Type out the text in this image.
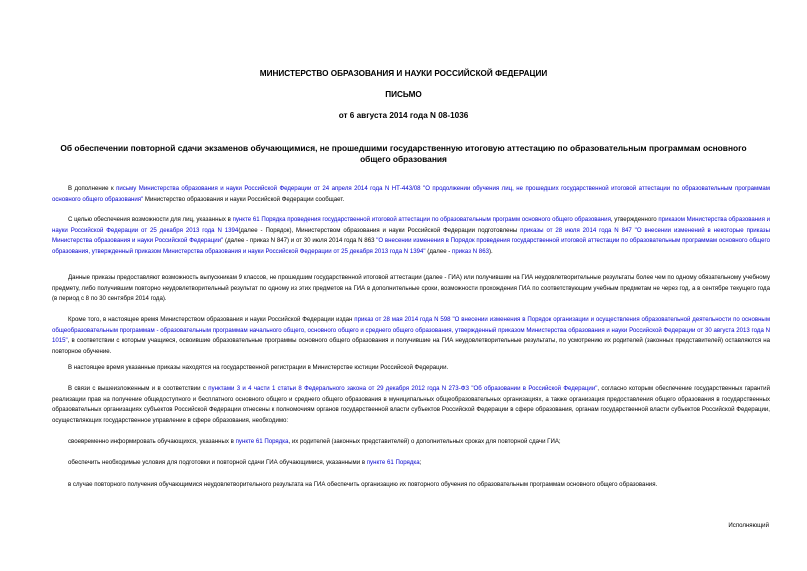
МИНИСТЕРСТВО ОБРАЗОВАНИЯ И НАУКИ РОССИЙСКОЙ ФЕДЕРАЦИИ
ПИСЬМО
от 6 августа 2014 года N 08-1036
Об обеспечении повторной сдачи экзаменов обучающимися, не прошедшими государственную итоговую аттестацию по образовательным программам основного общего образования
В дополнение к письму Министерства образования и науки Российской Федерации от 24 апреля 2014 года N НТ-443/08 "О продолжении обучения лиц, не прошедших государственной итоговой аттестации по образовательным программам основного общего образования" Министерство образования и науки Российской Федерации сообщает.
С целью обеспечения возможности для лиц, указанных в пункте 61 Порядка проведения государственной итоговой аттестации по образовательным программ основного общего образования, утвержденного приказом Министерства образования и науки Российской Федерации от 25 декабря 2013 года N 1394(далее - Порядок), Министерством образования и науки Российской Федерации подготовлены приказы от 28 июля 2014 года N 847 "О внесении изменений в некоторые приказы Министерства образования и науки Российской Федерации" (далее - приказ N 847) и от 30 июля 2014 года N 863 "О внесении изменения в Порядок проведения государственной итоговой аттестации по образовательным программам основного общего образования, утвержденный приказом Министерства образования и науки Российской Федерации от 25 декабря 2013 года N 1394" (далее - приказ N 863).
Данные приказы предоставляют возможность выпускникам 9 классов, не прошедшим государственной итоговой аттестации (далее - ГИА) или получившим на ГИА неудовлетворительные результаты более чем по одному обязательному учебному предмету, либо получившим повторно неудовлетворительный результат по одному из этих предметов на ГИА в дополнительные сроки, возможности прохождения ГИА по соответствующим учебным предметам не через год, а в сентябре текущего года (в период с 8 по 30 сентября 2014 года).
Кроме того, в настоящее время Министерством образования и науки Российской Федерации издан приказ от 28 мая 2014 года N 598 "О внесении изменения в Порядок организации и осуществления образовательной деятельности по основным общеобразовательным программам - образовательным программам начального общего, основного общего и среднего общего образования, утвержденный приказом Министерства образования и науки Российской Федерации от 30 августа 2013 года N 1015", в соответствии с которым учащиеся, освоившие образовательные программы основного общего образования и получившие на ГИА неудовлетворительные результаты, по усмотрению их родителей (законных представителей) оставляются на повторное обучение.
В настоящее время указанные приказы находятся на государственной регистрации в Министерстве юстиции Российской Федерации.
В связи с вышеизложенным и в соответствии с пунктами 3 и 4 части 1 статьи 8 Федерального закона от 29 декабря 2012 года N 273-ФЗ "Об образовании в Российской Федерации", согласно которым обеспечение государственных гарантий реализации прав на получение общедоступного и бесплатного основного общего и среднего общего образования в муниципальных общеобразовательных организациях, а также организация предоставления общего образования в государственных образовательных организациях субъектов Российской Федерации отнесены к полномочиям органов государственной власти субъектов Российской Федерации в сфере образования, органам государственной власти субъектов Российской Федерации, осуществляющих государственное управление в сфере образования, необходимо:
своевременно информировать обучающихся, указанных в пункте 61 Порядка, их родителей (законных представителей) о дополнительных сроках для повторной сдачи ГИА;
обеспечить необходимые условия для подготовки и повторной сдачи ГИА обучающимися, указанными в пункте 61 Порядка;
в случае повторного получения обучающимися неудовлетворительного результата на ГИА обеспечить организацию их повторного обучения по образовательным программам основного общего образования.
Исполняющий
